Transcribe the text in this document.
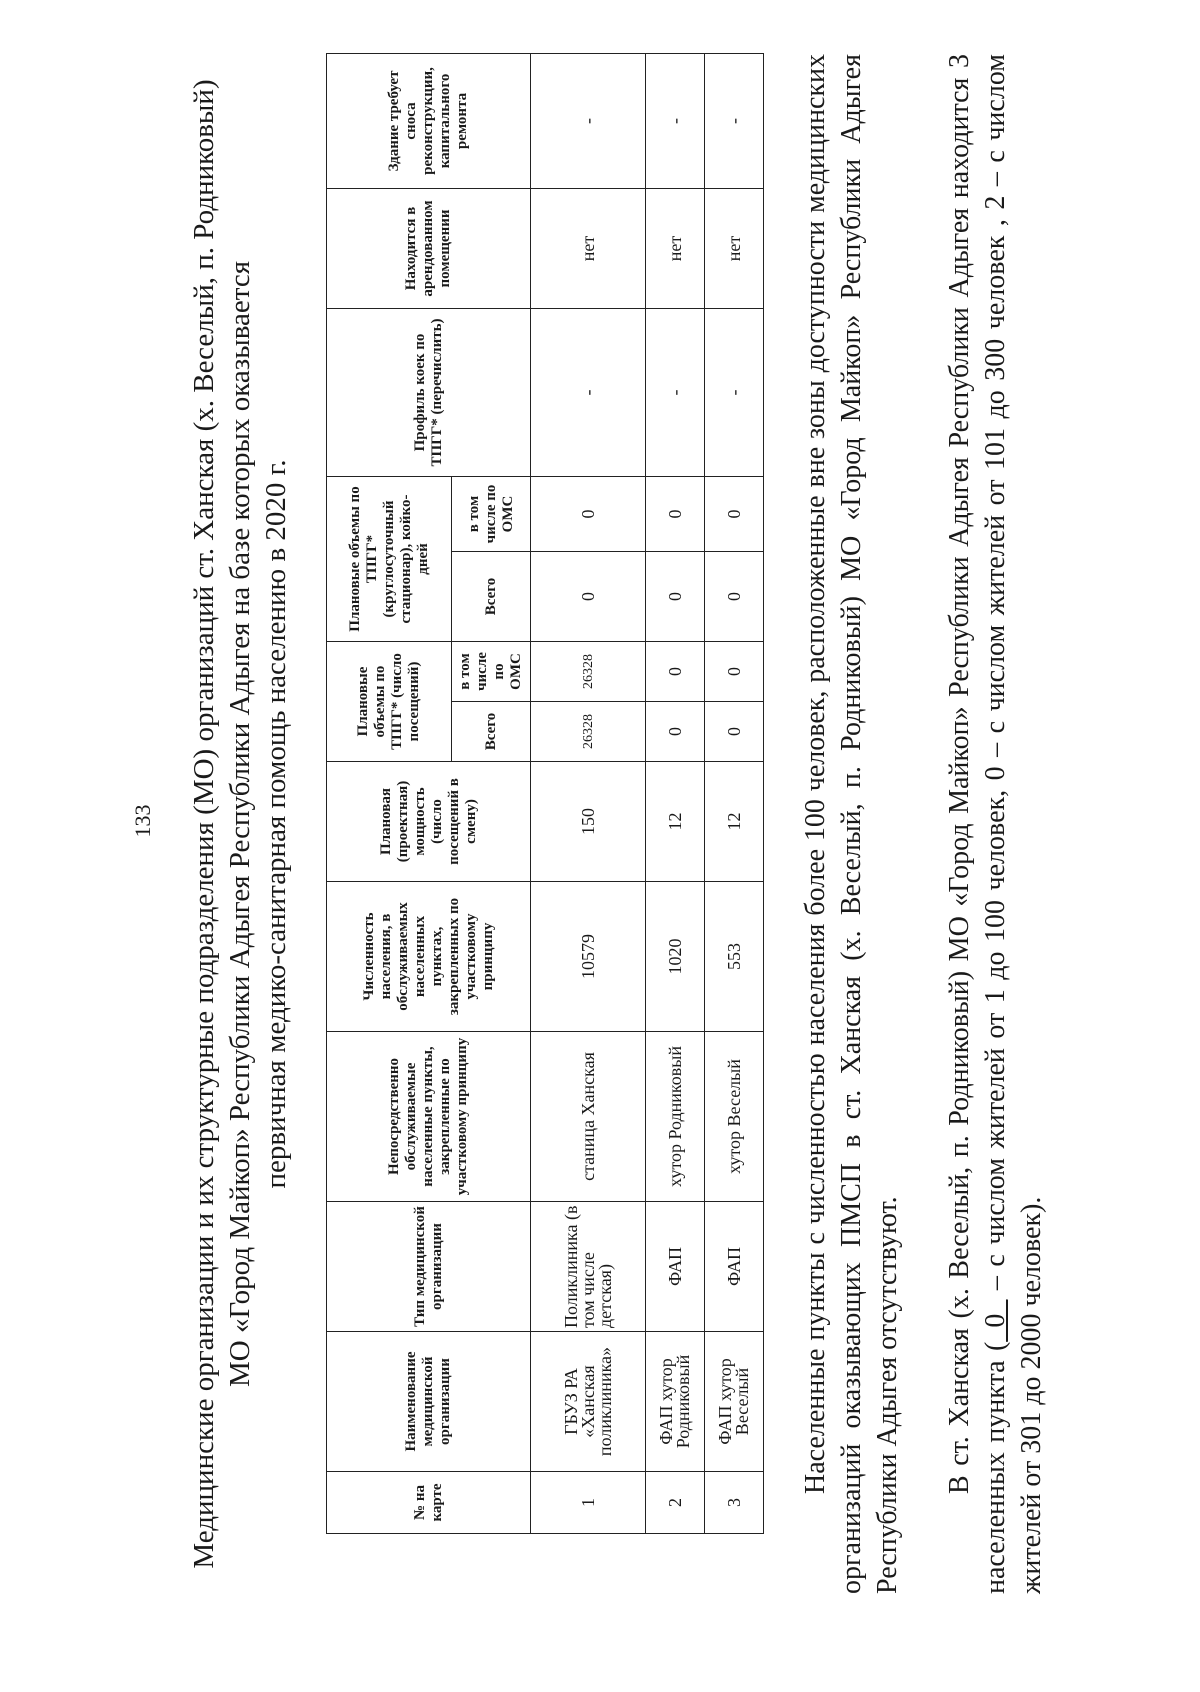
133 Медицинские организации и их структурные подразделения (МО) организаций ст. Ханская (х. Веселый, п. Родниковый) МО «Город Майкоп» Республики Адыгея Республики Адыгея на базе которых оказывается первичная медико-санитарная помощь населению в 2020 г.
№ на карте	Наименование медицинской организации	Тип медицинской организации	Непосредственно обслуживаемые населенные пункты, закрепленные по участковому принципу	Численность населения, в обслуживаемых населенных пунктах, закрепленных по участковому принципу	Плановая (проектная) мощность (число посещений в смену)	Плановые объемы по ТПГГ* (число посещений)		Плановые объемы по ТПГГ* (круглосуточный стационар), койко-дней		Профиль коек по ТПГГ* (перечислить)	Находится в арендованном помещении	Здание требует сноса реконструкции, капитального ремонта
						Всего	в том числе по ОМС	Всего	в том числе по ОМС			
1	ГБУЗ РА «Ханская поликлиника»	Поликлиника (в том числе детская)	станица Ханская	10579	150	26328	26328	0	0	-	нет	-
2	ФАП хутор Родниковый	ФАП	хутор Родниковый	1020	12	0	0	0	0	-	нет	-
3	ФАП хутор Веселый	ФАП	хутор Веселый	553	12	0	0	0	0	-	нет	- Населенные пункты с численностью населения более 100 человек, расположенные вне зоны доступности медицинских организаций оказывающих ПМСП в ст. Ханская (х. Веселый, п. Родниковый) МО «Город Майкоп» Республики Адыгея Республики Адыгея отсутствуют. В ст. Ханская (х. Веселый, п. Родниковый) МО «Город Майкоп» Республики Адыгея Республики Адыгея находится 3 населенных пункта (_0_ – с числом жителей от 1 до 100 человек, 0 – с числом жителей от 101 до 300 человек , 2 – с числом жителей от 301 до 2000 человек).
